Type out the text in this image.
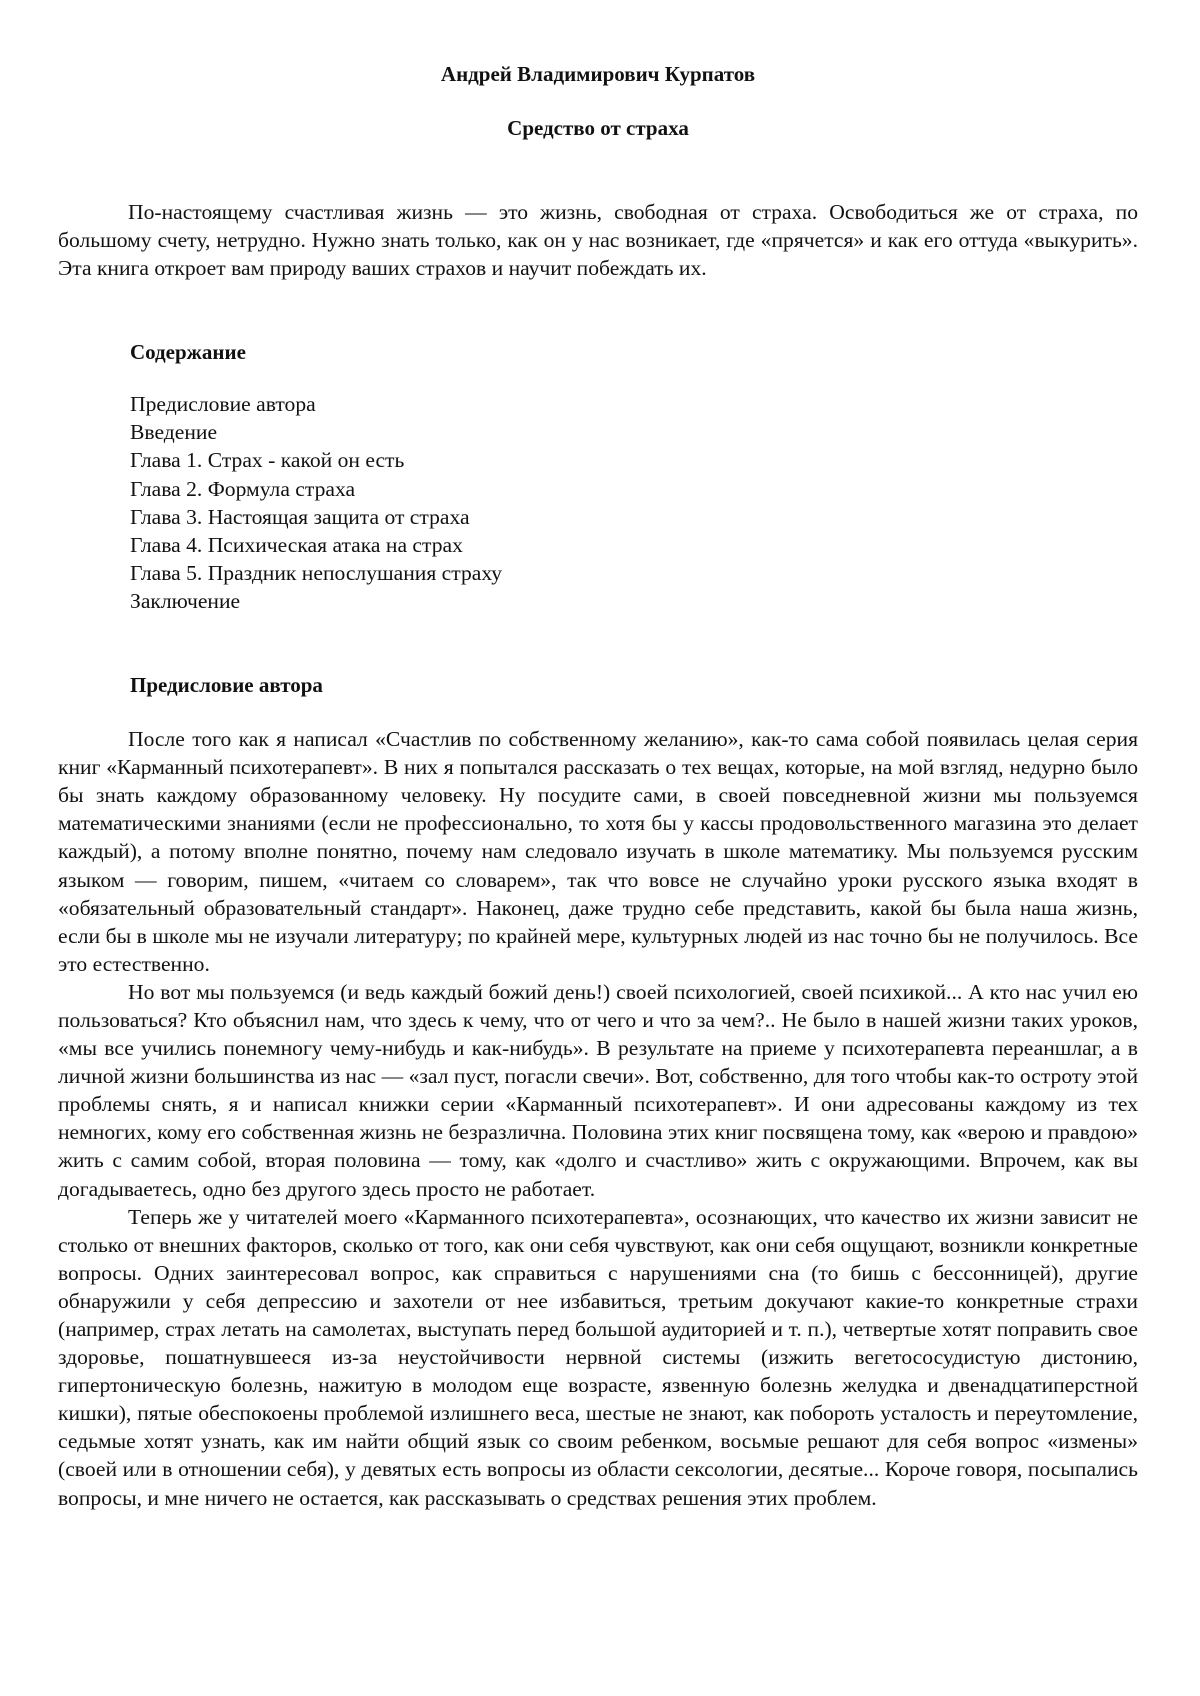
Андрей Владимирович Курпатов
Средство от страха

По-настоящему счастливая жизнь — это жизнь, свободная от страха. Освободиться же от страха, по большому счету, нетрудно. Нужно знать только, как он у нас возникает, где «прячется» и как его оттуда «выкурить». Эта книга откроет вам природу ваших страхов и научит побеждать их.

Содержание
Предисловие автора
Введение
Глава 1. Страх - какой он есть
Глава 2. Формула страха
Глава 3. Настоящая защита от страха
Глава 4. Психическая атака на страх
Глава 5. Праздник непослушания страху
Заключение
Предисловие автора

После того как я написал «Счастлив по собственному желанию», как-то сама собой появилась целая серия книг «Карманный психотерапевт». В них я попытался рассказать о тех вещах, которые, на мой взгляд, недурно было бы знать каждому образованному человеку. Ну посудите сами, в своей повседневной жизни мы пользуемся математическими знаниями (если не профессионально, то хотя бы у кассы продовольственного магазина это делает каждый), а потому вполне понятно, почему нам следовало изучать в школе математику. Мы пользуемся русским языком — говорим, пишем, «читаем со словарем», так что вовсе не случайно уроки русского языка входят в «обязательный образовательный стандарт». Наконец, даже трудно себе представить, какой бы была наша жизнь, если бы в школе мы не изучали литературу; по крайней мере, культурных людей из нас точно бы не получилось. Все это естественно.

Но вот мы пользуемся (и ведь каждый божий день!) своей психологией, своей психикой... А кто нас учил ею пользоваться? Кто объяснил нам, что здесь к чему, что от чего и что за чем?.. Не было в нашей жизни таких уроков, «мы все учились понемногу чему-нибудь и как-нибудь». В результате на приеме у психотерапевта переаншлаг, а в личной жизни большинства из нас — «зал пуст, погасли свечи». Вот, собственно, для того чтобы как-то остроту этой проблемы снять, я и написал книжки серии «Карманный психотерапевт». И они адресованы каждому из тех немногих, кому его собственная жизнь не безразлична. Половина этих книг посвящена тому, как «верою и правдою» жить с самим собой, вторая половина — тому, как «долго и счастливо» жить с окружающими. Впрочем, как вы догадываетесь, одно без другого здесь просто не работает.

Теперь же у читателей моего «Карманного психотерапевта», осознающих, что качество их жизни зависит не столько от внешних факторов, сколько от того, как они себя чувствуют, как они себя ощущают, возникли конкретные вопросы. Одних заинтересовал вопрос, как справиться с нарушениями сна (то бишь с бессонницей), другие обнаружили у себя депрессию и захотели от нее избавиться, третьим докучают какие-то конкретные страхи (например, страх летать на самолетах, выступать перед большой аудиторией и т. п.), четвертые хотят поправить свое здоровье, пошатнувшееся из-за неустойчивости нервной системы (изжить вегетососудистую дистонию, гипертоническую болезнь, нажитую в молодом еще возрасте, язвенную болезнь желудка и двенадцатиперстной кишки), пятые обеспокоены проблемой излишнего веса, шестые не знают, как побороть усталость и переутомление, седьмые хотят узнать, как им найти общий язык со своим ребенком, восьмые решают для себя вопрос «измены» (своей или в отношении себя), у девятых есть вопросы из области сексологии, десятые... Короче говоря, посыпались вопросы, и мне ничего не остается, как рассказывать о средствах решения этих проблем.
